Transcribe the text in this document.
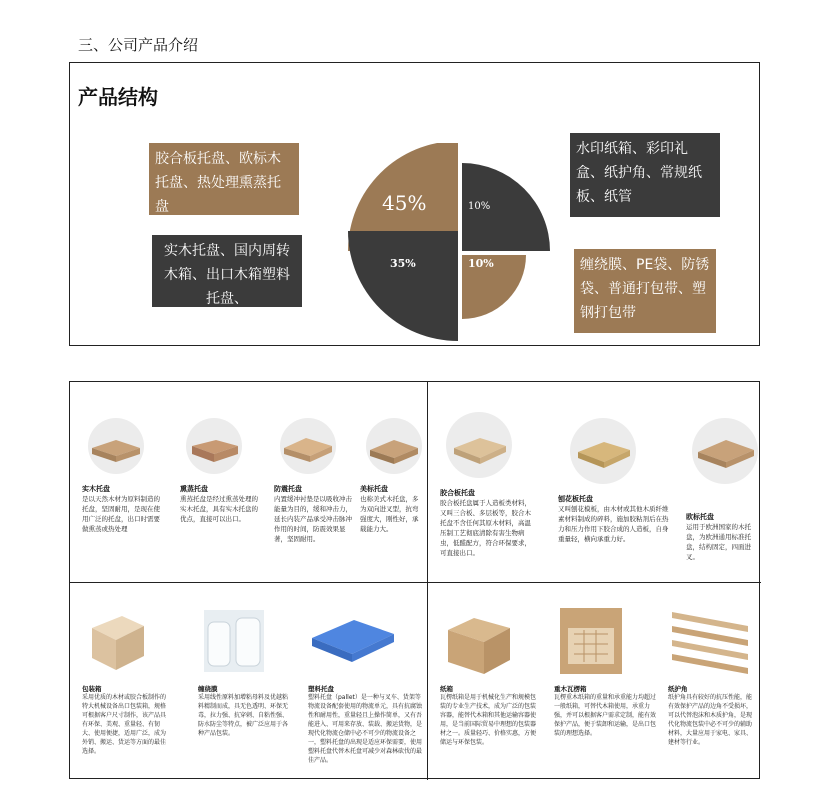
三、公司产品介绍
产品结构
胶合板托盘、欧标木托盘、热处理熏蒸托盘
实木托盘、国内周转木箱、出口木箱塑料托盘、
水印纸箱、彩印礼盒、纸护角、常规纸板、纸管
缠绕膜、PE袋、防锈袋、普通打包带、塑钢打包带
45%	10%
35%	10%
实木托盘
是以天然木材为原料制造的托盘，坚固耐用，是现在使用广泛的托盘，出口时需要做熏蒸或热处理
熏蒸托盘
熏蒸托盘是经过熏蒸处理的实木托盘，具有实木托盘的优点，直接可以出口。
防震托盘
内置缓冲衬垫是以吸收冲击能量为目的，缓和冲击力，延长内装产品承受冲击脉冲作用的时间，防震效果显著，坚固耐用。
美标托盘
也称美式木托盘，多为双向进叉型，抗弯强度大，刚性好，承载能力大。
胶合板托盘
胶合板托盘属于人造板类材料，又叫三合板、多层板等，胶合木托盘不含任何其原木材料，高温压制工艺彻底清除有害生物病虫，低醛配方，符合环保要求，可直接出口。
刨花板托盘
又叫刨花模板，由木材或其他木质纤维素材料制成的碎料，施加胶粘剂后在热力和压力作用下胶合成的人造板，自身重量轻，横向承重力好。
欧标托盘
运用于欧洲国家的木托盘，为欧洲通用标准托盘，结构固定，四面进叉。
包装箱
采用优质的木材或胶合板制作的特大机械设备出口包装箱，规格可根据客户尺寸制作，该产品具有环保、美观、重量轻、有韧大、使用便捷，适用广泛，成为外销、搬运、货运等方面的最佳选择。
缠绕膜
采用线性原料加增粘母料及优越粘料精制而成，具无色透明、环保无毒，拉力强、抗穿刺、自粘性强、防水防尘等特点，被广泛应用于各种产品包装。
塑料托盘
塑料托盘（pallet）是一种与叉车、货架等物流设备配套使用的物流单元，具有抗腐蚀性和耐用性，重量轻且上操作简单，又有吾能进入、可用来存放、装载、搬运货物，是现代化物流仓储中必不可少的物流设备之一，塑料托盘的出现是适应环保需要，使用塑料托盘代替木托盘可减少对森林砍伐的最佳产品。
纸箱
瓦楞纸箱是用于机械化生产和规模包装的专业生产技术，成为广泛的包装容器，能替代木箱和其他运输容器使用，是当前国际贸易中理想的包装器材之一。质量轻巧、价格实惠，方便储运与环保包装。
重木瓦楞箱
瓦楞重木纸箱的重量和承重能力均超过一般纸箱，可替代木箱使用，承重力强，并可以根据客户需求定制，能有效保护产品，便于装卸和运输，是出口包装的理想选择。
纸护角
纸护角具有较好的抗压性能，能有效保护产品的边角不受损坏，可以代替泡沫和木质护角，是现代化物流包装中必不可少的辅助材料，大量应用于家电、家具、建材等行业。
